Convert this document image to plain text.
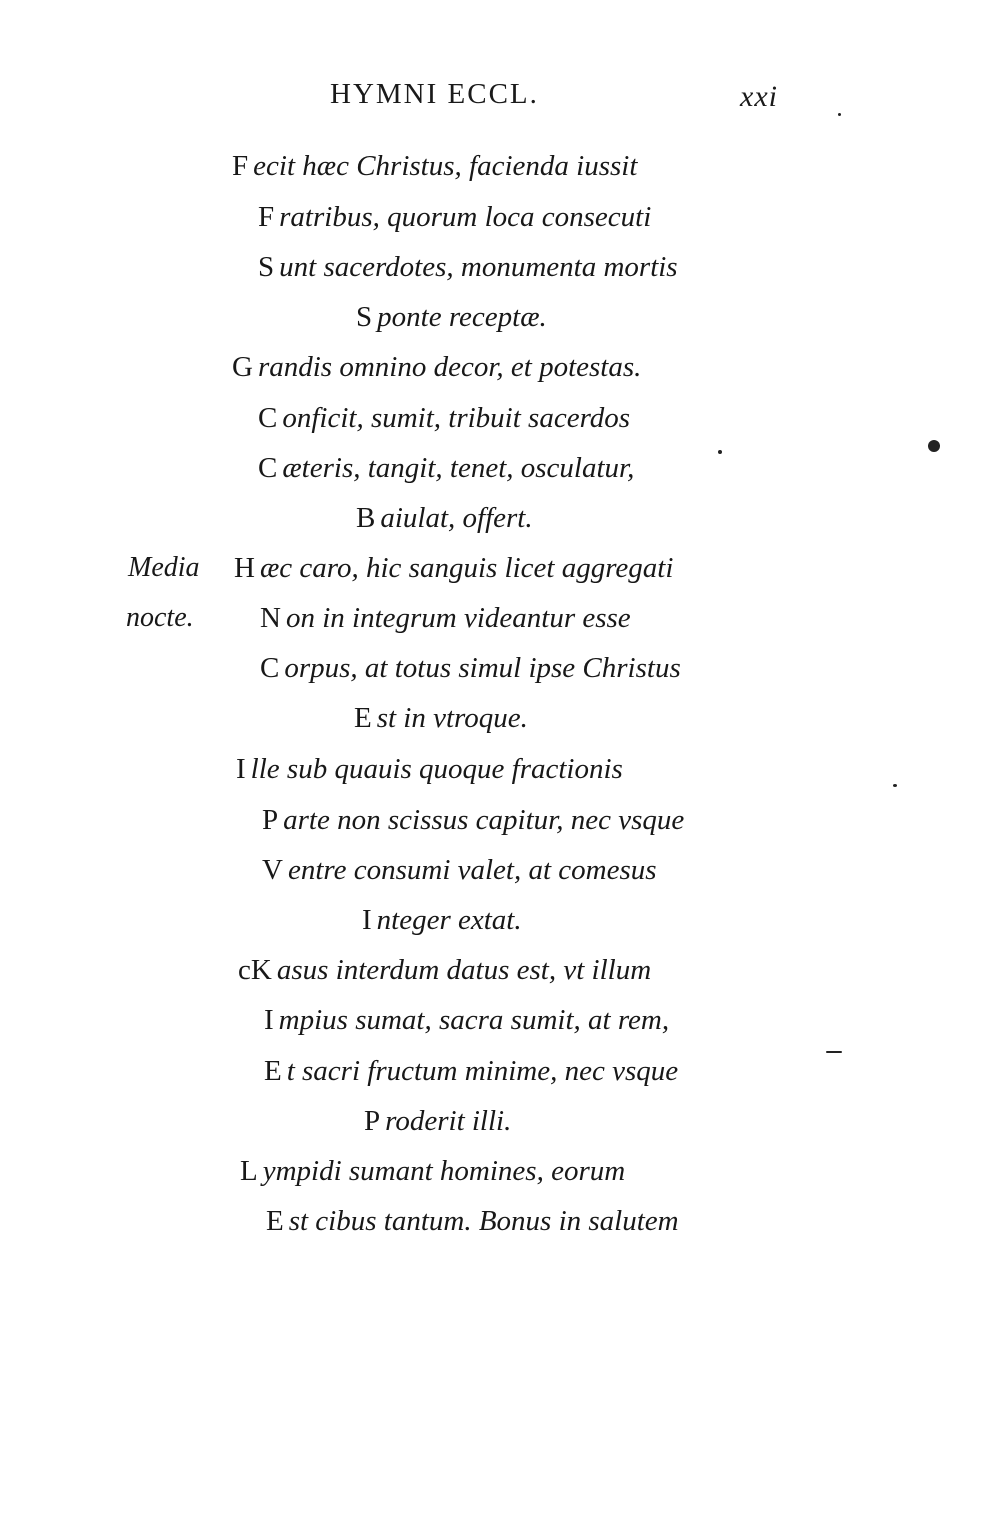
HYMNI ECCL.	xxi
Media
nocte.
F ecit hæc Christus, facienda iussit
F ratribus, quorum loca consecuti
S unt sacerdotes, monumenta mortis
S ponte receptæ.
G randis omnino decor, et potestas.
C onficit, sumit, tribuit sacerdos
C æteris, tangit, tenet, osculatur,
B aiulat, offert.
H æc caro, hic sanguis licet aggregati
N on in integrum videantur esse
C orpus, at totus simul ipse Christus
E st in vtroque.
I lle sub quauis quoque fractionis
P arte non scissus capitur, nec vsque
V entre consumi valet, at comesus
I nteger extat.
cK asus interdum datus est, vt illum
I mpius sumat, sacra sumit, at rem,
E t sacri fructum minime, nec vsque
P roderit illi.
L ympidi sumant homines, eorum
E st cibus tantum. Bonus in salutem
